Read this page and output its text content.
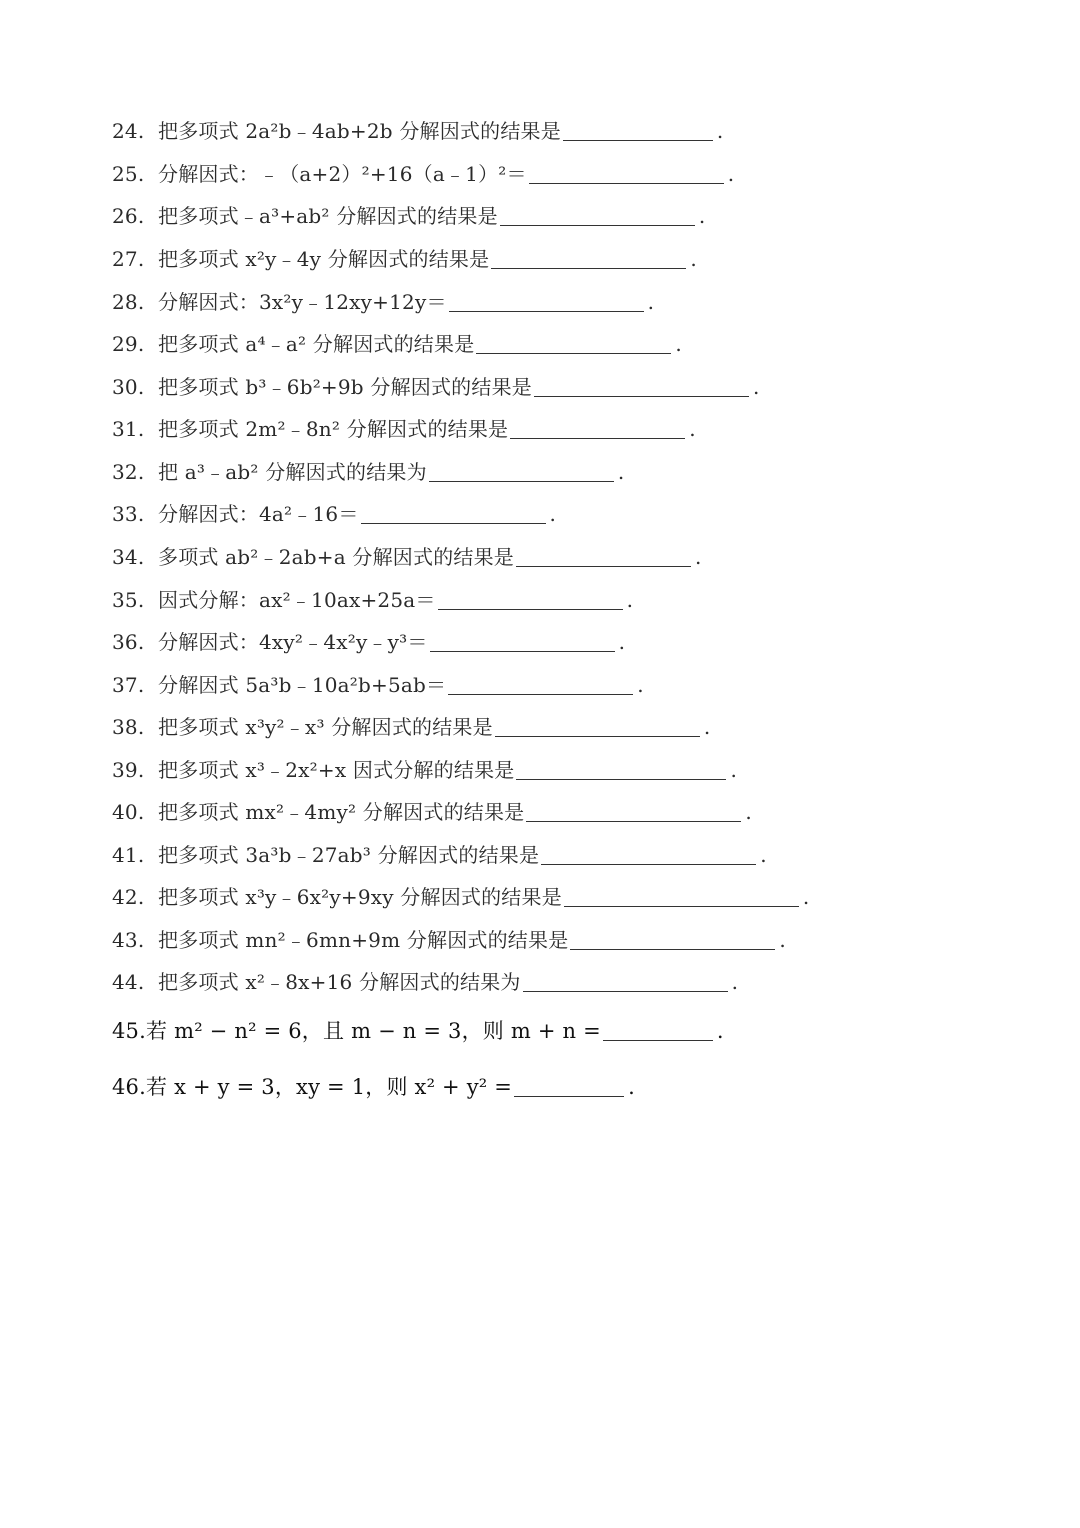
24. 把多项式 2a²b﹣4ab+2b 分解因式的结果是	.
25. 分解因式：﹣（a+2）²+16（a﹣1）²＝	.
26. 把多项式﹣a³+ab² 分解因式的结果是	.
27. 把多项式 x²y﹣4y 分解因式的结果是	.
28. 分解因式：3x²y﹣12xy+12y＝	.
29. 把多项式 a⁴﹣a² 分解因式的结果是	.
30. 把多项式 b³﹣6b²+9b 分解因式的结果是	.
31. 把多项式 2m²﹣8n² 分解因式的结果是	.
32. 把 a³﹣ab² 分解因式的结果为	.
33. 分解因式：4a²﹣16＝	.
34. 多项式 ab²﹣2ab+a 分解因式的结果是	.
35. 因式分解：ax²﹣10ax+25a＝	.
36. 分解因式：4xy²﹣4x²y﹣y³＝	.
37. 分解因式 5a³b﹣10a²b+5ab＝	.
38. 把多项式 x³y²﹣x³ 分解因式的结果是	.
39. 把多项式 x³﹣2x²+x 因式分解的结果是	.
40. 把多项式 mx²﹣4my² 分解因式的结果是	.
41. 把多项式 3a³b﹣27ab³ 分解因式的结果是	.
42. 把多项式 x³y﹣6x²y+9xy 分解因式的结果是	.
43. 把多项式 mn²﹣6mn+9m 分解因式的结果是	.
44. 把多项式 x²﹣8x+16 分解因式的结果为	.
45.若 m² − n² = 6，且 m − n = 3，则 m + n =	.
46.若 x + y = 3，xy = 1，则 x² + y² =	.
